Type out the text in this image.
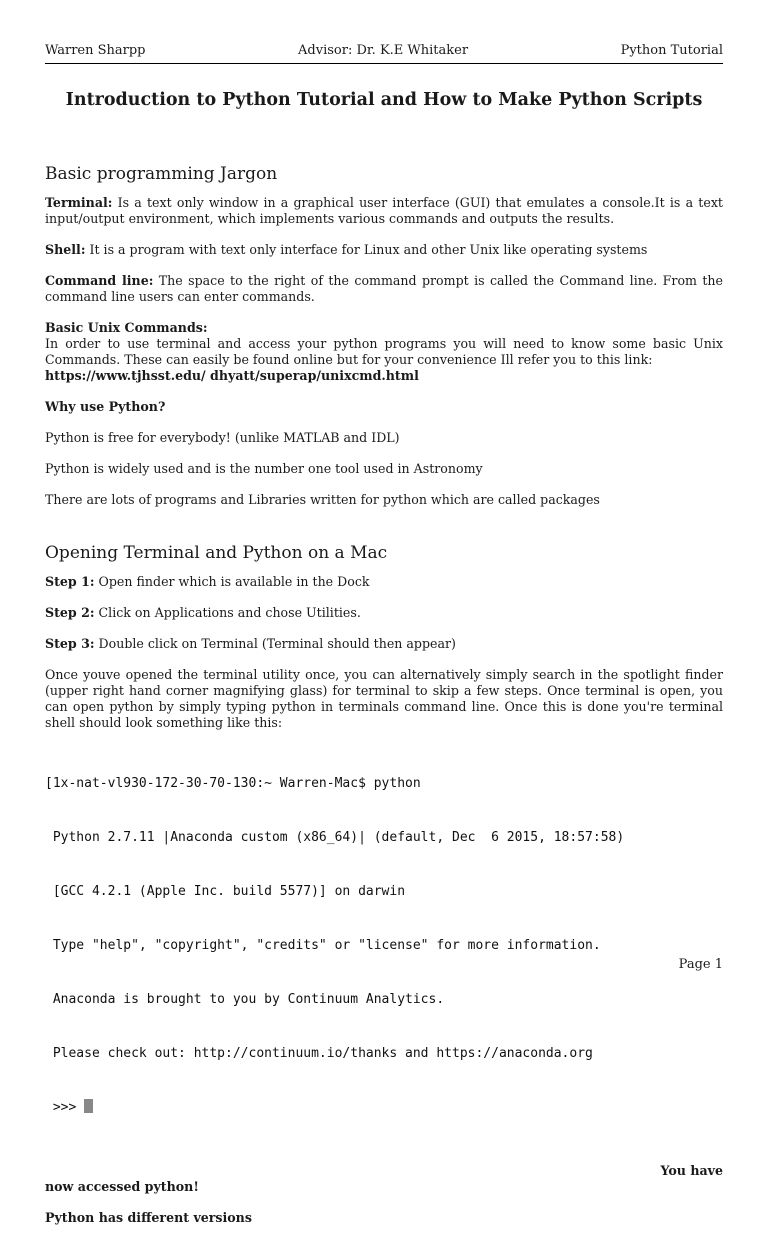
Warren Sharpp	Advisor: Dr. K.E Whitaker	Python Tutorial
Introduction to Python Tutorial and How to Make Python Scripts
Basic programming Jargon

Terminal: Is a text only window in a graphical user interface (GUI) that emulates a console.It is a text input/output environment, which implements various commands and outputs the results.

Shell: It is a program with text only interface for Linux and other Unix like operating systems

Command line: The space to the right of the command prompt is called the Command line. From the command line users can enter commands.

Basic Unix Commands:
In order to use terminal and access your python programs you will need to know some basic Unix Commands. These can easily be found online but for your convenience Ill refer you to this link:
https://www.tjhsst.edu/ dhyatt/superap/unixcmd.html

Why use Python?

Python is free for everybody! (unlike MATLAB and IDL)

Python is widely used and is the number one tool used in Astronomy

There are lots of programs and Libraries written for python which are called packages

Opening Terminal and Python on a Mac

Step 1: Open finder which is available in the Dock

Step 2: Click on Applications and chose Utilities.

Step 3: Double click on Terminal (Terminal should then appear)

Once youve opened the terminal utility once, you can alternatively simply search in the spotlight finder (upper right hand corner magnifying glass) for terminal to skip a few steps. Once terminal is open, you can open python by simply typing python in terminals command line. Once this is done you're terminal shell should look something like this:

[1x-nat-vl930-172-30-70-130:~ Warren-Mac$ python

Python 2.7.11 |Anaconda custom (x86_64)| (default, Dec  6 2015, 18:57:58)

[GCC 4.2.1 (Apple Inc. build 5577)] on darwin

Type "help", "copyright", "credits" or "license" for more information.

Anaconda is brought to you by Continuum Analytics.

Please check out: http://continuum.io/thanks and https://anaconda.org

>>>

You have
now accessed python!

Python has different versions

Page 1
